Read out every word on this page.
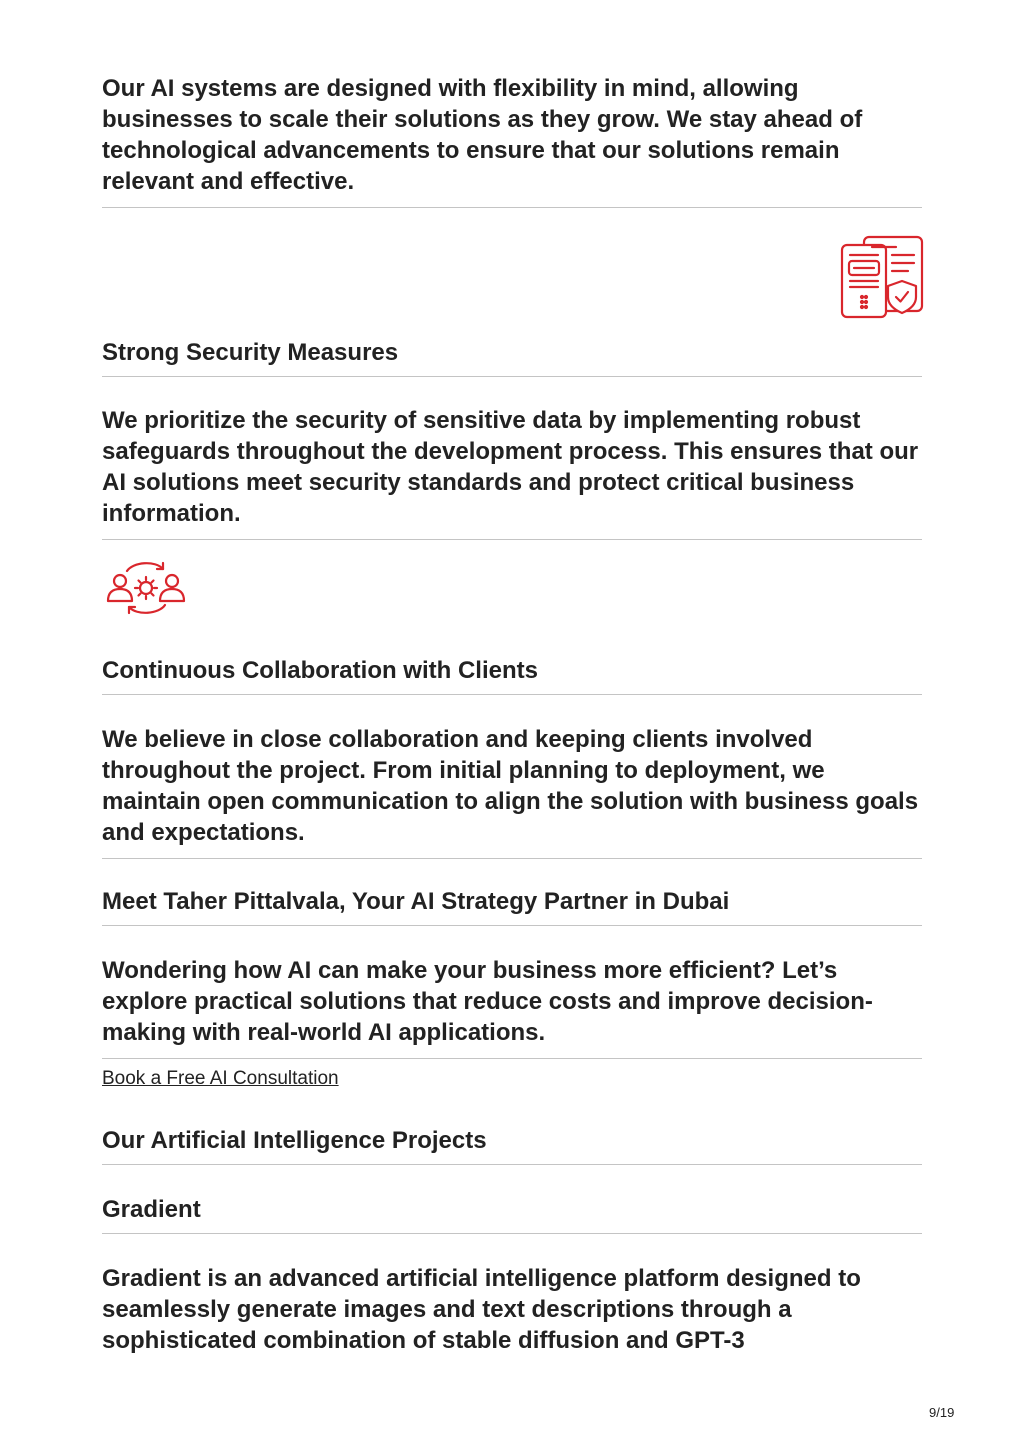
Our AI systems are designed with flexibility in mind, allowing businesses to scale their solutions as they grow. We stay ahead of technological advancements to ensure that our solutions remain relevant and effective.

Strong Security Measures

We prioritize the security of sensitive data by implementing robust safeguards throughout the development process. This ensures that our AI solutions meet security standards and protect critical business information.

Continuous Collaboration with Clients

We believe in close collaboration and keeping clients involved throughout the project. From initial planning to deployment, we maintain open communication to align the solution with business goals and expectations.

Meet Taher Pittalvala, Your AI Strategy Partner in Dubai

Wondering how AI can make your business more efficient? Let’s explore practical solutions that reduce costs and improve decision-making with real-world AI applications.

Book a Free AI Consultation

Our Artificial Intelligence Projects

Gradient

Gradient is an advanced artificial intelligence platform designed to seamlessly generate images and text descriptions through a sophisticated combination of stable diffusion and GPT-3

9/19
